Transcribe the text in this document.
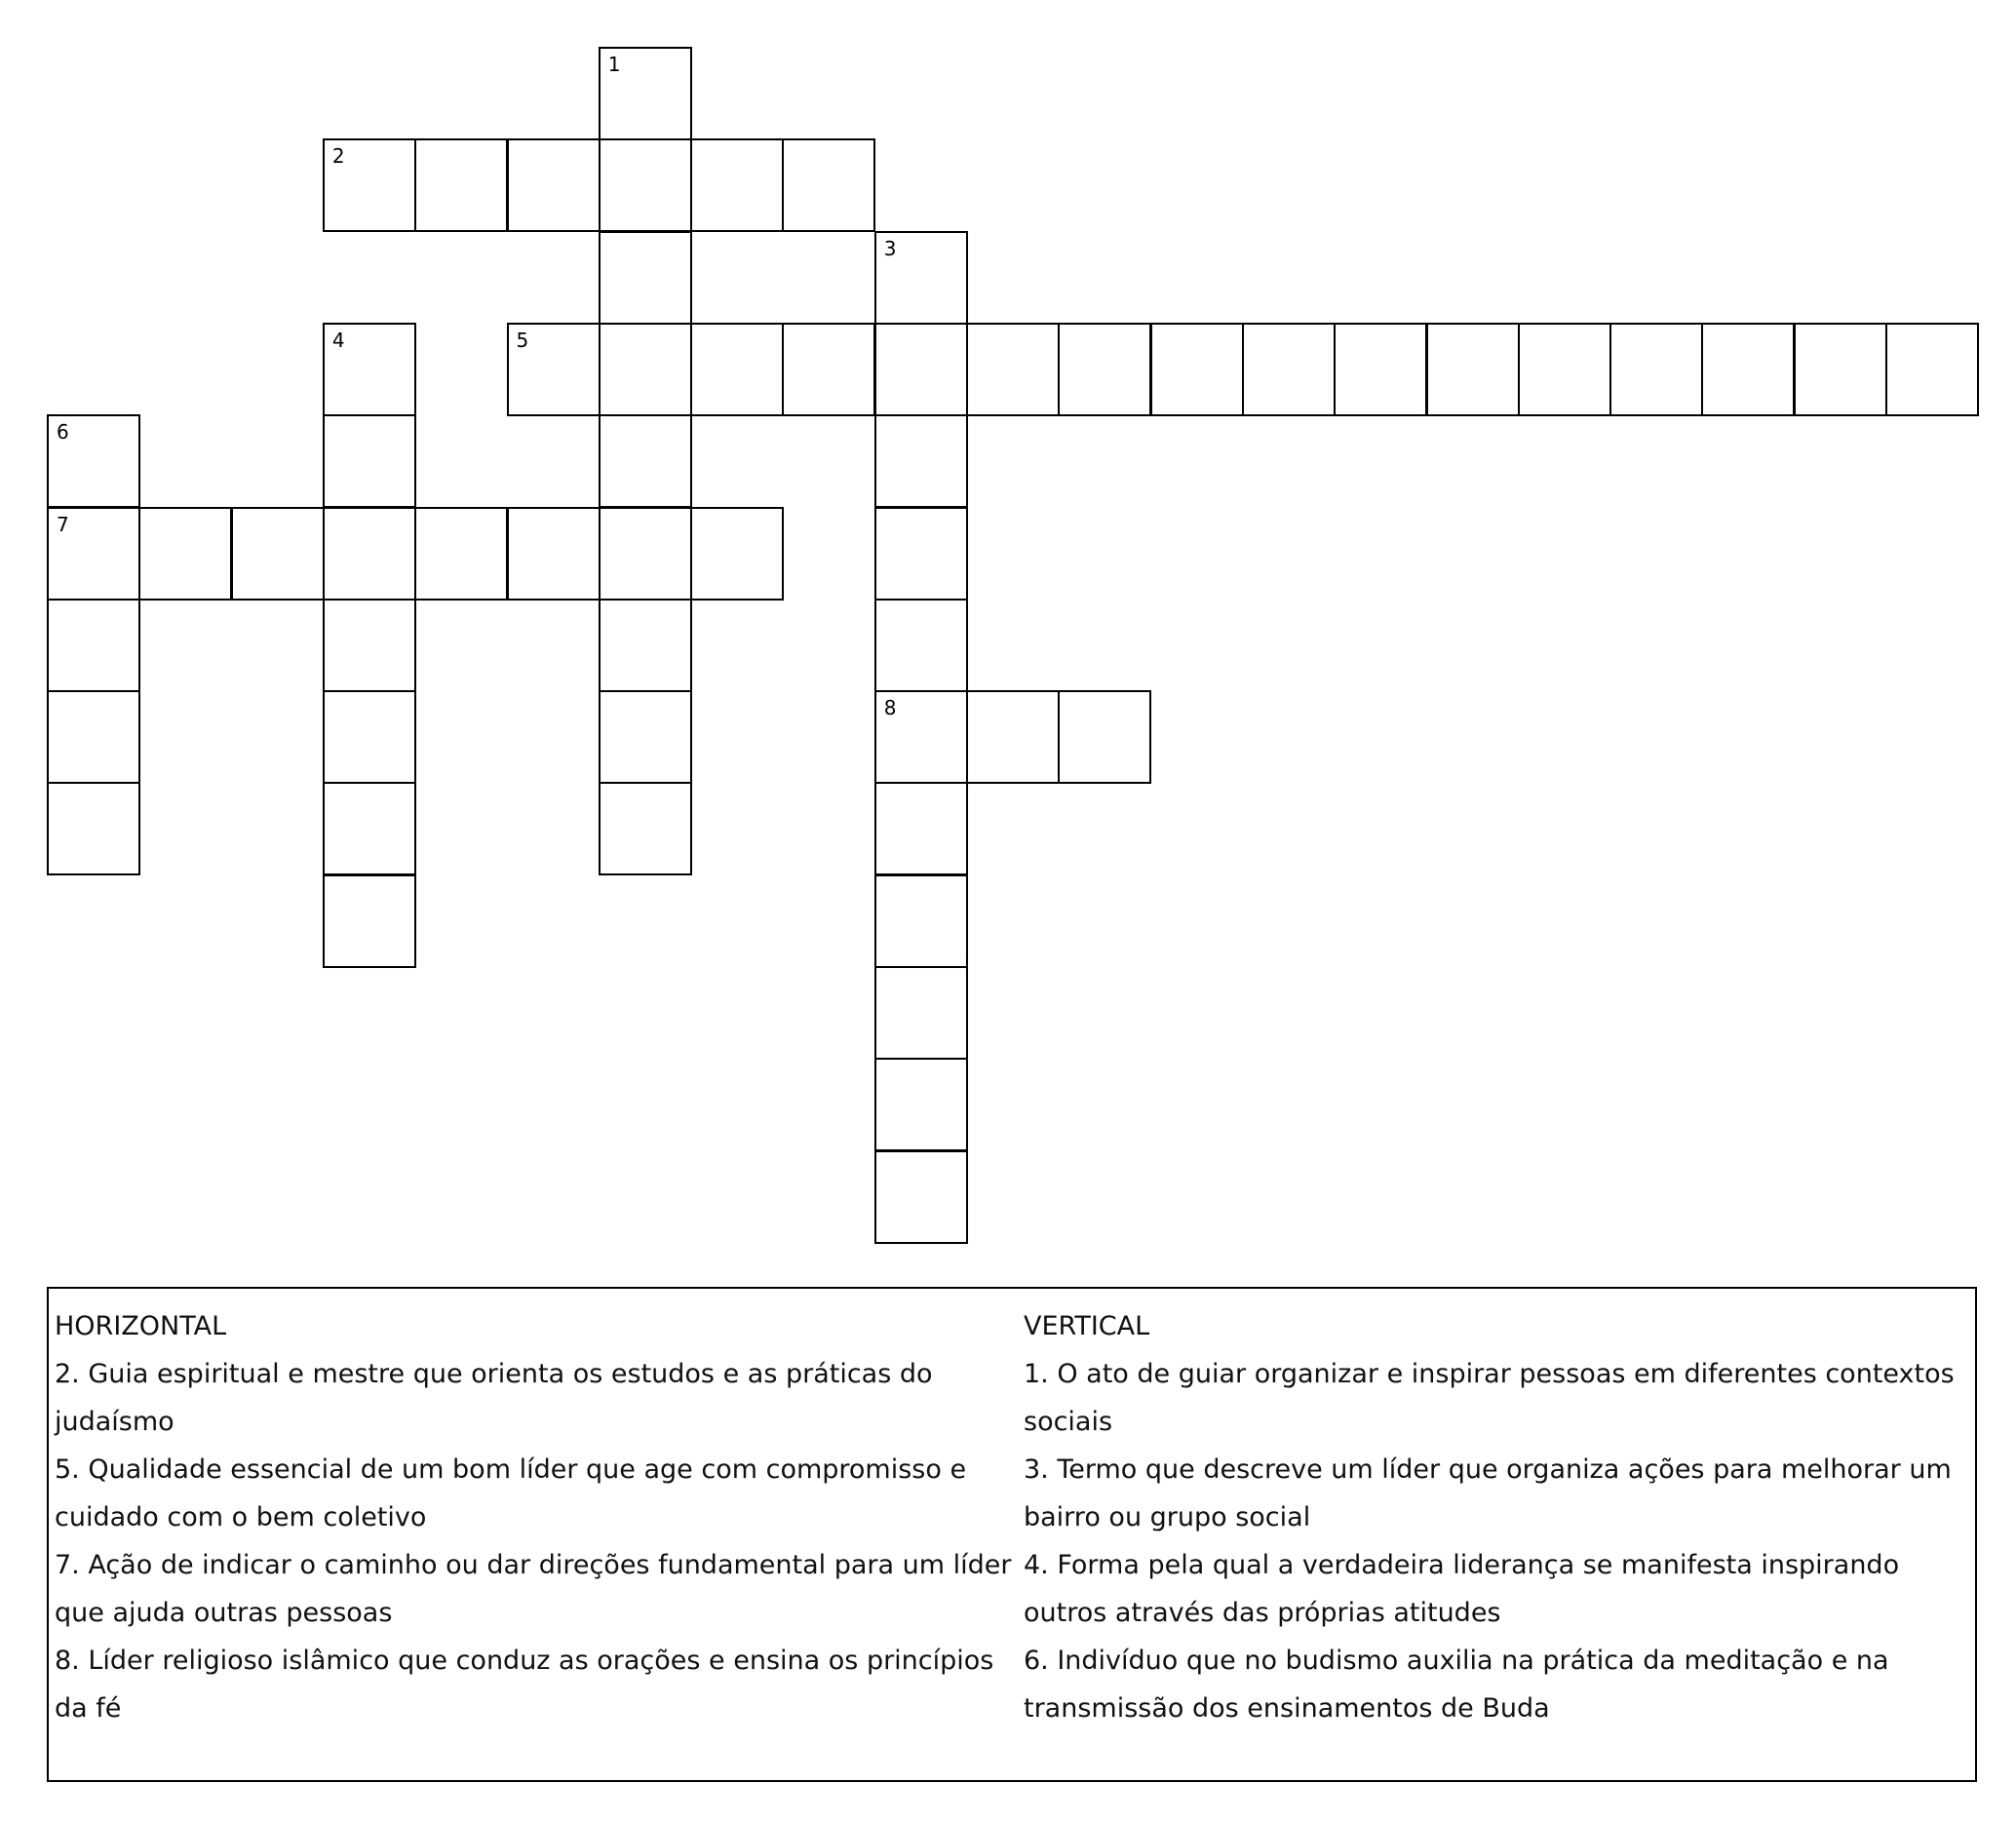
1
2
3
8
4	5
6
7

HORIZONTAL

2. Guia espiritual e mestre que orienta os estudos e as práticas do judaísmo

5. Qualidade essencial de um bom líder que age com compromisso e cuidado com o bem coletivo

7. Ação de indicar o caminho ou dar direções fundamental para um líder que ajuda outras pessoas

8. Líder religioso islâmico que conduz as orações e ensina os princípios da fé

VERTICAL

1. O ato de guiar organizar e inspirar pessoas em diferentes contextos sociais

3. Termo que descreve um líder que organiza ações para melhorar um bairro ou grupo social

4. Forma pela qual a verdadeira liderança se manifesta inspirando outros através das próprias atitudes

6. Indivíduo que no budismo auxilia na prática da meditação e na transmissão dos ensinamentos de Buda
